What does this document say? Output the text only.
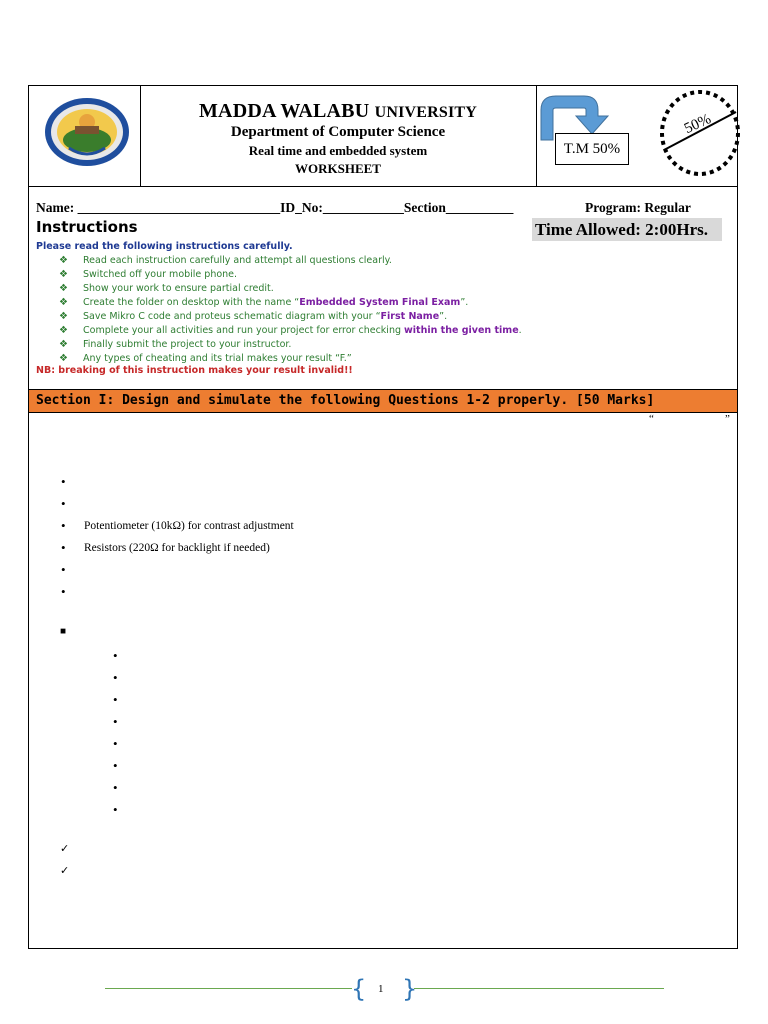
MADDA WALABU UNIVERSITY
Department of Computer Science
Real time and embedded system
WORKSHEET
T.M 50%
50%
Name: ______________________________ID_No:____________Section__________	Program: Regular
Instructions	Time Allowed: 2:00Hrs.
Please read the following instructions carefully.
❖ Read each instruction carefully and attempt all questions clearly.
❖ Switched off your mobile phone.
❖ Show your work to ensure partial credit.
❖ Create the folder on desktop with the name “Embedded System Final Exam”.
❖ Save Mikro C code and proteus schematic diagram with your “First Name”.
❖ Complete your all activities and run your project for error checking within the given time.
❖ Finally submit the project to your instructor.
❖ Any types of cheating and its trial makes your result “F.”
NB: breaking of this instruction makes your result invalid!!
Section I: Design and simulate the following Questions 1-2 properly. [50 Marks]
“	”
•
•
• Potentiometer (10kΩ) for contrast adjustment
• Resistors (220Ω for backlight if needed)
•
•
■
•
•
•
•
•
•
•
•
✓
✓
{ }
1
